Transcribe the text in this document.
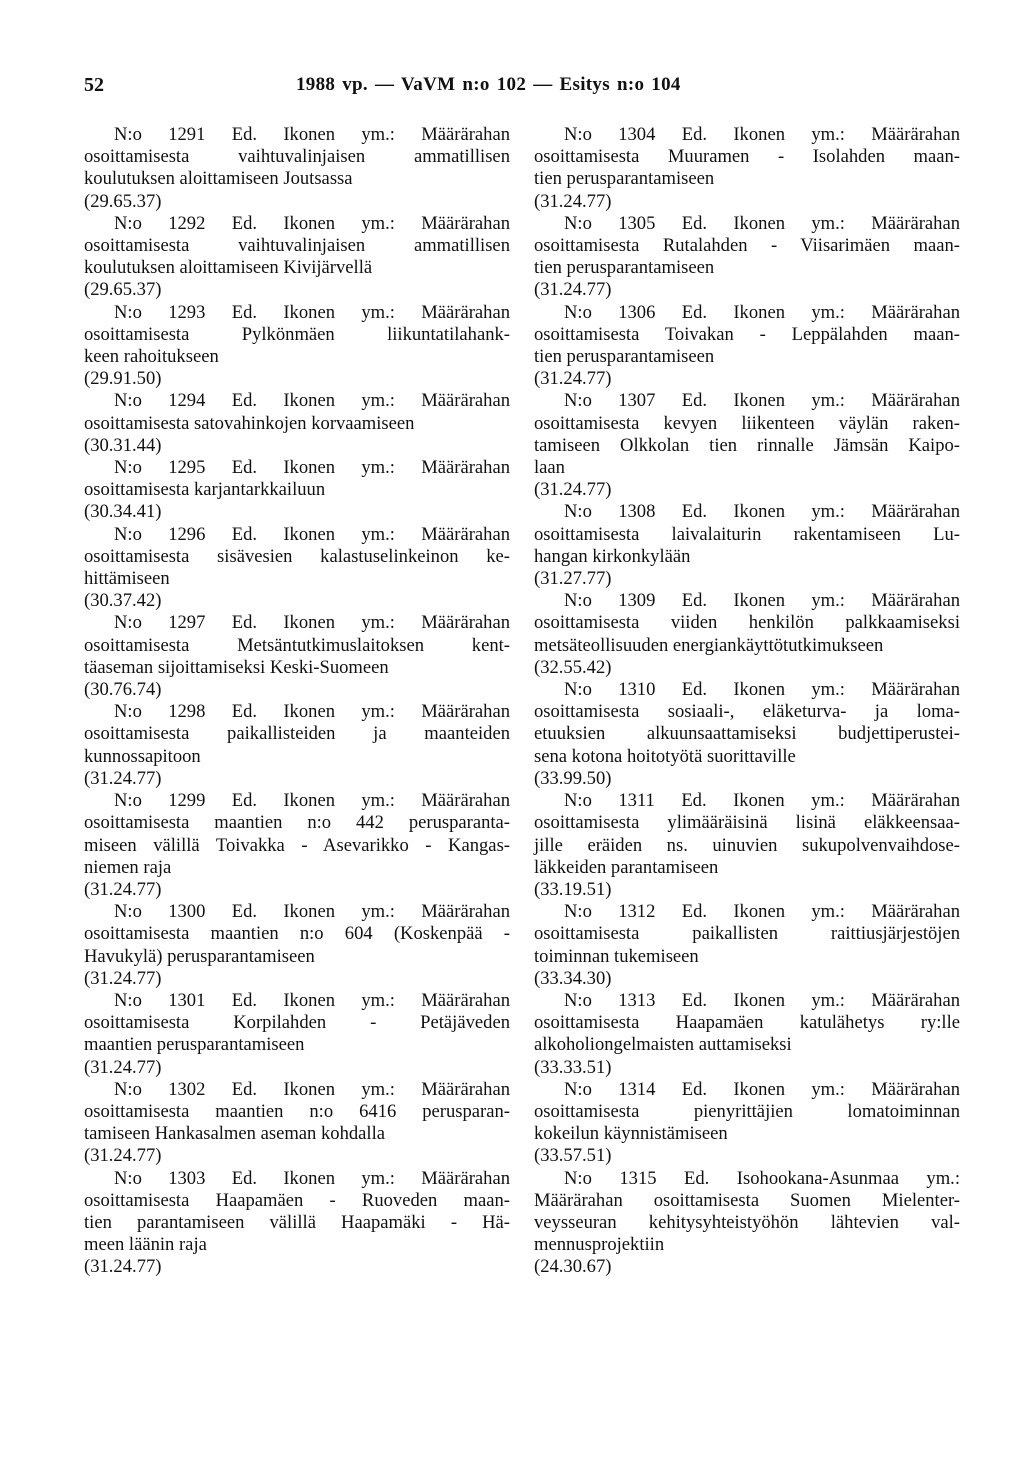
52	1988 vp. — VaVM n:o 102 — Esitys n:o 104
N:o 1291 Ed. Ikonen ym.: Määrärahan
osoittamisesta vaihtuvalinjaisen ammatillisen
koulutuksen aloittamiseen Joutsassa
(29.65.37)
N:o 1292 Ed. Ikonen ym.: Määrärahan
osoittamisesta vaihtuvalinjaisen ammatillisen
koulutuksen aloittamiseen Kivijärvellä
(29.65.37)
N:o 1293 Ed. Ikonen ym.: Määrärahan
osoittamisesta Pylkönmäen liikuntatilahank-
keen rahoitukseen
(29.91.50)
N:o 1294 Ed. Ikonen ym.: Määrärahan
osoittamisesta satovahinkojen korvaamiseen
(30.31.44)
N:o 1295 Ed. Ikonen ym.: Määrärahan
osoittamisesta karjantarkkailuun
(30.34.41)
N:o 1296 Ed. Ikonen ym.: Määrärahan
osoittamisesta sisävesien kalastuselinkeinon ke-
hittämiseen
(30.37.42)
N:o 1297 Ed. Ikonen ym.: Määrärahan
osoittamisesta Metsäntutkimuslaitoksen kent-
täaseman sijoittamiseksi Keski-Suomeen
(30.76.74)
N:o 1298 Ed. Ikonen ym.: Määrärahan
osoittamisesta paikallisteiden ja maanteiden
kunnossapitoon
(31.24.77)
N:o 1299 Ed. Ikonen ym.: Määrärahan
osoittamisesta maantien n:o 442 perusparanta-
miseen välillä Toivakka - Asevarikko - Kangas-
niemen raja
(31.24.77)
N:o 1300 Ed. Ikonen ym.: Määrärahan
osoittamisesta maantien n:o 604 (Koskenpää -
Havukylä) perusparantamiseen
(31.24.77)
N:o 1301 Ed. Ikonen ym.: Määrärahan
osoittamisesta Korpilahden - Petäjäveden
maantien perusparantamiseen
(31.24.77)
N:o 1302 Ed. Ikonen ym.: Määrärahan
osoittamisesta maantien n:o 6416 perusparan-
tamiseen Hankasalmen aseman kohdalla
(31.24.77)
N:o 1303 Ed. Ikonen ym.: Määrärahan
osoittamisesta Haapamäen - Ruoveden maan-
tien parantamiseen välillä Haapamäki - Hä-
meen läänin raja
(31.24.77)
N:o 1304 Ed. Ikonen ym.: Määrärahan
osoittamisesta Muuramen - Isolahden maan-
tien perusparantamiseen
(31.24.77)
N:o 1305 Ed. Ikonen ym.: Määrärahan
osoittamisesta Rutalahden - Viisarimäen maan-
tien perusparantamiseen
(31.24.77)
N:o 1306 Ed. Ikonen ym.: Määrärahan
osoittamisesta Toivakan - Leppälahden maan-
tien perusparantamiseen
(31.24.77)
N:o 1307 Ed. Ikonen ym.: Määrärahan
osoittamisesta kevyen liikenteen väylän raken-
tamiseen Olkkolan tien rinnalle Jämsän Kaipo-
laan
(31.24.77)
N:o 1308 Ed. Ikonen ym.: Määrärahan
osoittamisesta laivalaiturin rakentamiseen Lu-
hangan kirkonkylään
(31.27.77)
N:o 1309 Ed. Ikonen ym.: Määrärahan
osoittamisesta viiden henkilön palkkaamiseksi
metsäteollisuuden energiankäyttötutkimukseen
(32.55.42)
N:o 1310 Ed. Ikonen ym.: Määrärahan
osoittamisesta sosiaali-, eläketurva- ja loma-
etuuksien alkuunsaattamiseksi budjettiperustei-
sena kotona hoitotyötä suorittaville
(33.99.50)
N:o 1311 Ed. Ikonen ym.: Määrärahan
osoittamisesta ylimääräisinä lisinä eläkkeensaa-
jille eräiden ns. uinuvien sukupolvenvaihdose-
läkkeiden parantamiseen
(33.19.51)
N:o 1312 Ed. Ikonen ym.: Määrärahan
osoittamisesta paikallisten raittiusjärjestöjen
toiminnan tukemiseen
(33.34.30)
N:o 1313 Ed. Ikonen ym.: Määrärahan
osoittamisesta Haapamäen katulähetys ry:lle
alkoholiongelmaisten auttamiseksi
(33.33.51)
N:o 1314 Ed. Ikonen ym.: Määrärahan
osoittamisesta pienyrittäjien lomatoiminnan
kokeilun käynnistämiseen
(33.57.51)
N:o 1315 Ed. Isohookana-Asunmaa ym.:
Määrärahan osoittamisesta Suomen Mielenter-
veysseuran kehitysyhteistyöhön lähtevien val-
mennusprojektiin
(24.30.67)
